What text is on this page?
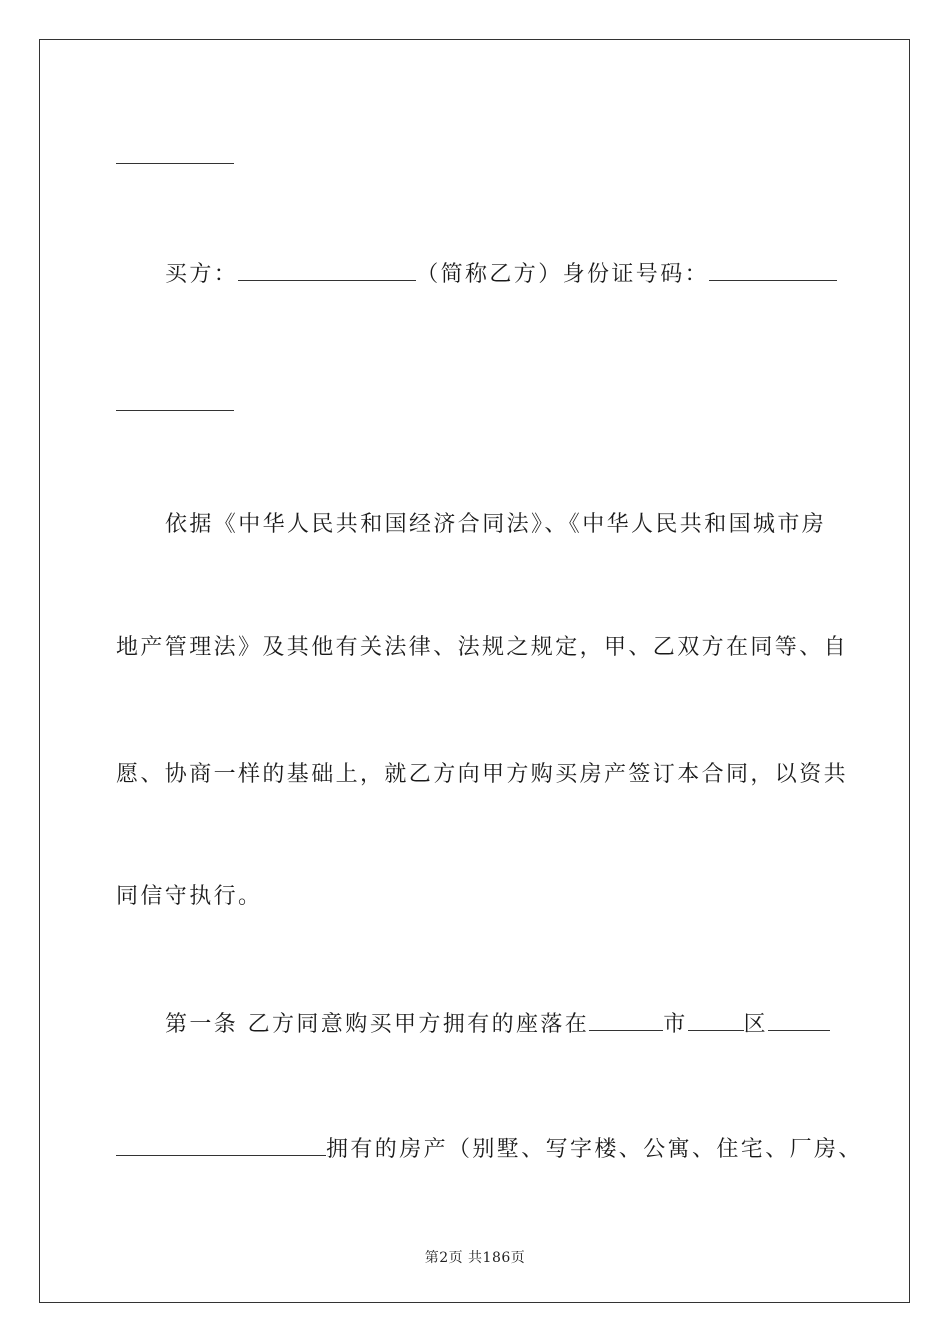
买方：	（简称乙方）身份证号码：
依据《中华人民共和国经济合同法》、《中华人民共和国城市房
地产管理法》及其他有关法律、法规之规定，甲、乙双方在同等、自
愿、协商一样的基础上，就乙方向甲方购买房产签订本合同，以资共
同信守执行。
第一条 乙方同意购买甲方拥有的座落在	市	区
拥有的房产（别墅、写字楼、公寓、住宅、厂房、
第2页 共186页
